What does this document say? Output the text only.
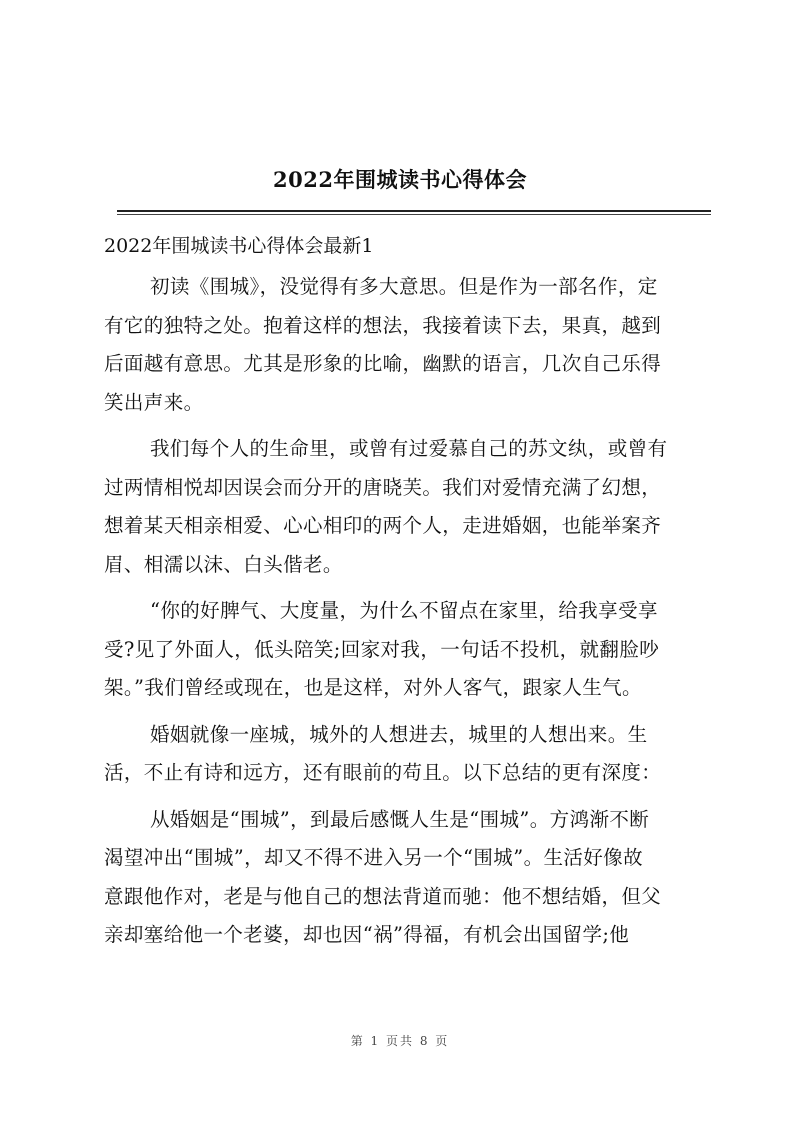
2022年围城读书心得体会
2022年围城读书心得体会最新1
初读《围城》，没觉得有多大意思。但是作为一部名作，定
有它的独特之处。抱着这样的想法，我接着读下去，果真，越到
后面越有意思。尤其是形象的比喻，幽默的语言，几次自己乐得
笑出声来。
我们每个人的生命里，或曾有过爱慕自己的苏文纨，或曾有
过两情相悦却因误会而分开的唐晓芙。我们对爱情充满了幻想，
想着某天相亲相爱、心心相印的两个人，走进婚姻，也能举案齐
眉、相濡以沫、白头偕老。
“你的好脾气、大度量，为什么不留点在家里，给我享受享
受?见了外面人，低头陪笑;回家对我，一句话不投机，就翻脸吵
架。”我们曾经或现在，也是这样，对外人客气，跟家人生气。
婚姻就像一座城，城外的人想进去，城里的人想出来。生
活，不止有诗和远方，还有眼前的苟且。以下总结的更有深度：
从婚姻是“围城”，到最后感慨人生是“围城”。方鸿渐不断
渴望冲出“围城”，却又不得不进入另一个“围城”。生活好像故
意跟他作对，老是与他自己的想法背道而驰：他不想结婚，但父
亲却塞给他一个老婆，却也因“祸”得福，有机会出国留学;他
第 1 页共 8 页
